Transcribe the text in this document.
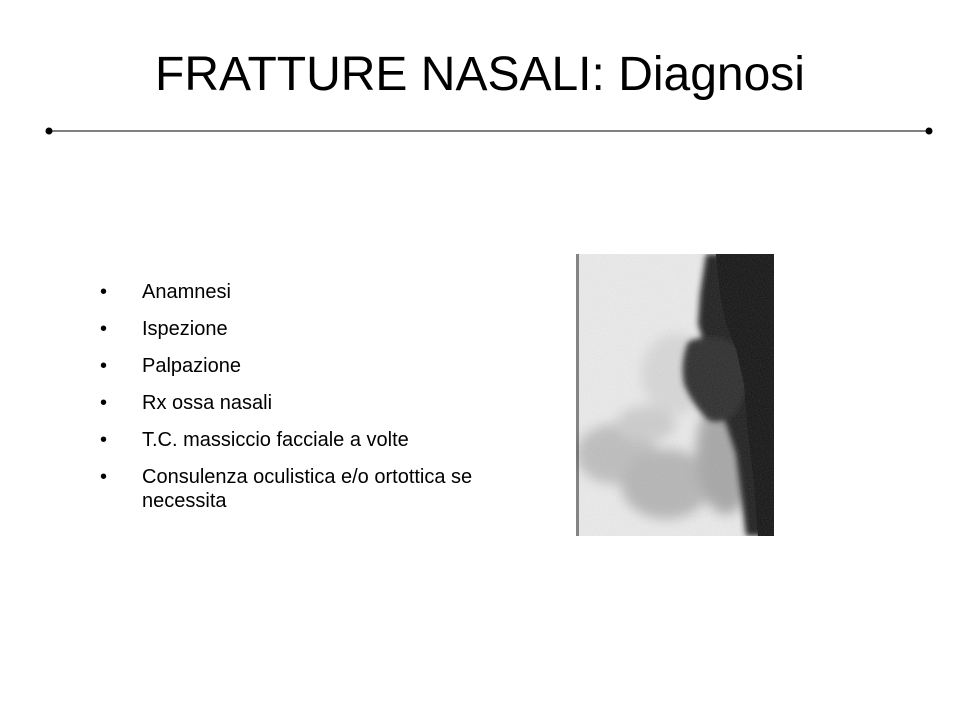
FRATTURE NASALI: Diagnosi
• Anamnesi
• Ispezione
• Palpazione
• Rx ossa nasali
• T.C. massiccio facciale a volte
• Consulenza oculistica e/o ortottica se necessita
